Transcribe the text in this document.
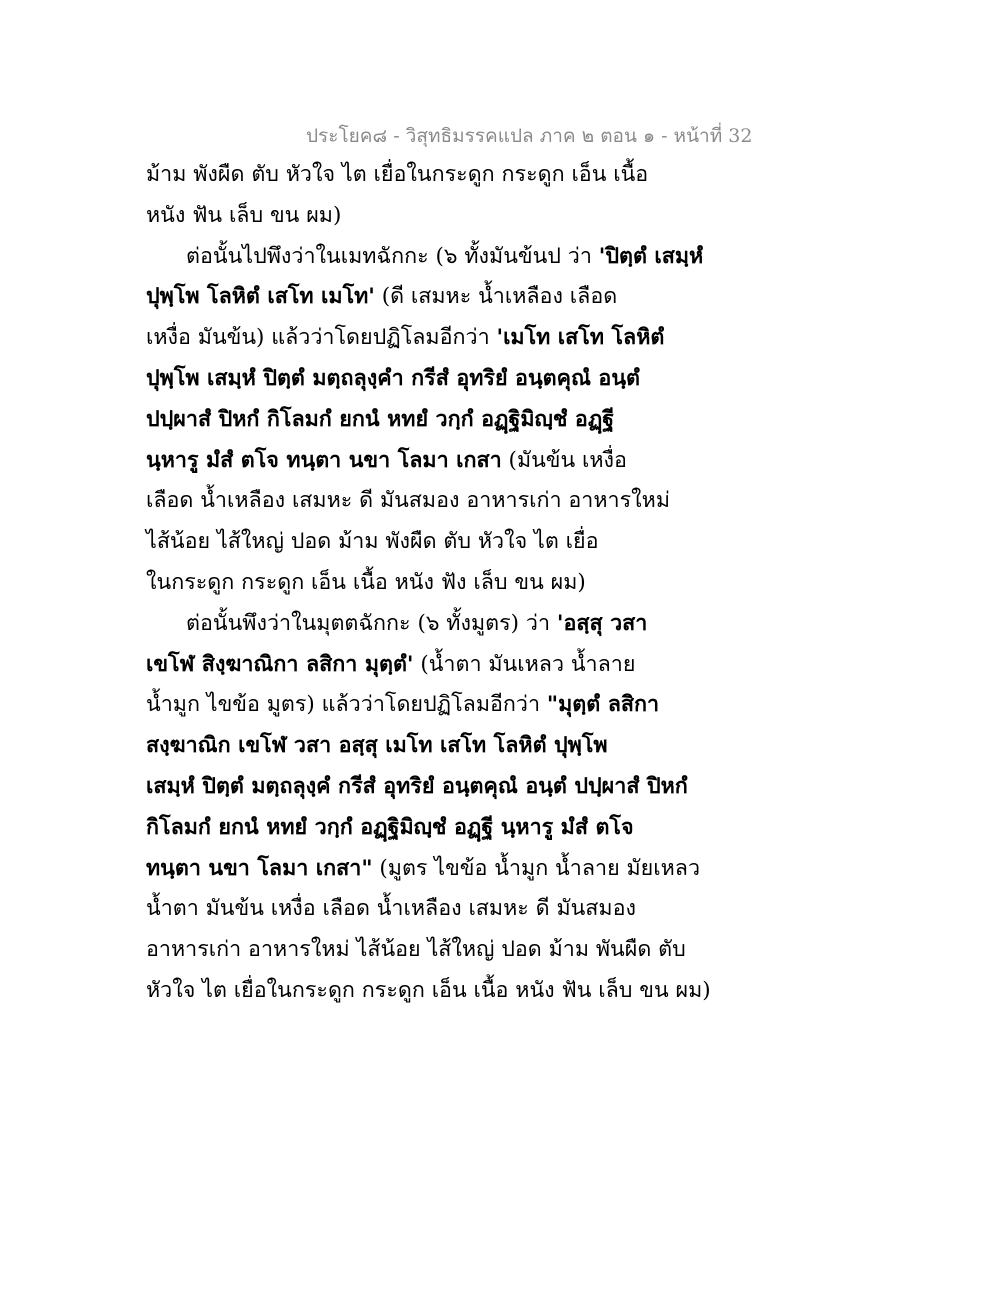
ประโยค๘ - วิสุทธิมรรคแปล ภาค ๒ ตอน ๑ - หน้าที่ 32
ม้าม พังผืด ตับ หัวใจ ไต เยื่อในกระดูก กระดูก เอ็น เนื้อ
หนัง ฟัน เล็บ ขน ผม)
ต่อนั้นไปพึงว่าในเมทฉักกะ (๖ ทั้งมันข้นป ว่า 'ปิตฺตํ เสมฺหํ
ปุพฺโพ โลหิตํ เสโท เมโท' (ดี เสมหะ น้ำเหลือง เลือด
เหงื่อ มันข้น) แล้วว่าโดยปฏิโลมอีกว่า 'เมโท เสโท โลหิตํ
ปุพฺโพ เสมฺหํ ปิตฺตํ มตฺถลุงฺคํา กรีสํ อุทริยํ อนฺตคุณํ อนฺตํ
ปปฺผาสํ ปิหกํ กิโลมกํ ยกนํ หทยํ วกฺกํ อฏฺฐิมิญฺชํ อฏฺฐี
นฺหารู มํสํ ตโจ ทนฺตา นขา โลมา เกสา (มันข้น เหงื่อ
เลือด น้ำเหลือง เสมหะ ดี มันสมอง อาหารเก่า อาหารใหม่
ไส้น้อย ไส้ใหญ่ ปอด ม้าม พังผืด ตับ หัวใจ ไต เยื่อ
ในกระดูก กระดูก เอ็น เนื้อ หนัง ฟัง เล็บ ขน ผม)
ต่อนั้นพึงว่าในมุตตฉักกะ (๖ ทั้งมูตร) ว่า 'อสฺสุ วสา
เขโฬ สิงฺฆาณิกา ลสิกา มุตฺตํ' (น้ำตา มันเหลว น้ำลาย
น้ำมูก ไขข้อ มูตร) แล้วว่าโดยปฏิโลมอีกว่า "มุตฺตํ ลสิกา
สงฺฆาณิก เขโฬ วสา อสฺสุ เมโท เสโท โลหิตํ ปุพฺโพ
เสมฺหํ ปิตฺตํ มตฺถลุงฺคํ กรีสํ อุทริยํ อนฺตคุณํ อนฺตํ ปปฺผาสํ ปิหกํ
กิโลมกํ ยกนํ หทยํ วกฺกํ อฏฺฐิมิญฺชํ อฏฺฐี นฺหารู มํสํ ตโจ
ทนฺตา นขา โลมา เกสา" (มูตร ไขข้อ น้ำมูก น้ำลาย มัยเหลว
น้ำตา มันข้น เหงื่อ เลือด น้ำเหลือง เสมหะ ดี มันสมอง
อาหารเก่า อาหารใหม่ ไส้น้อย ไส้ใหญ่ ปอด ม้าม พันผืด ตับ
หัวใจ ไต เยื่อในกระดูก กระดูก เอ็น เนื้อ หนัง ฟัน เล็บ ขน ผม)
